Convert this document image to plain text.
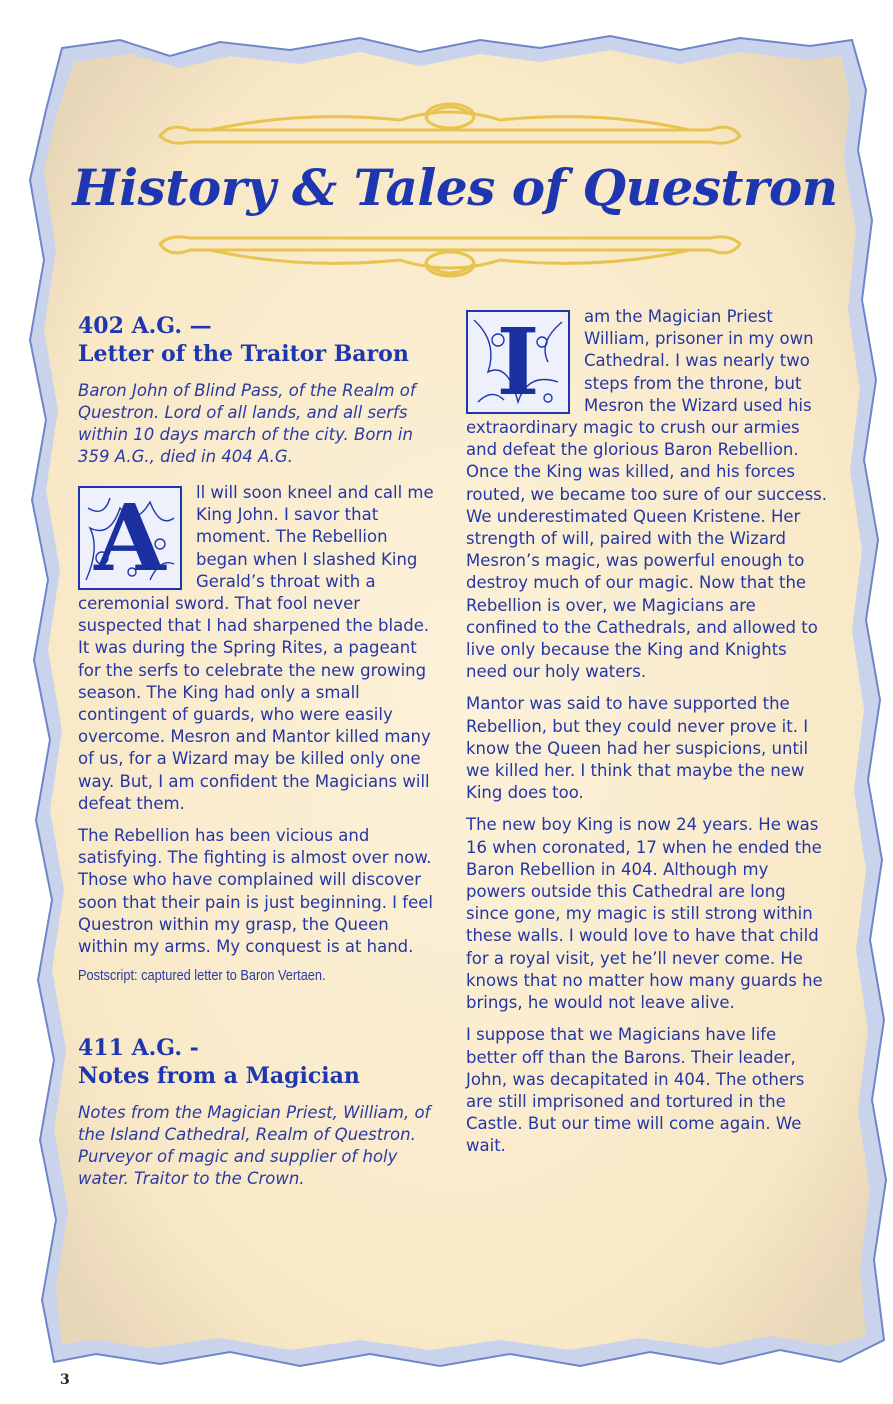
History & Tales of Questron
402 A.G. —
Letter of the Traitor Baron

Baron John of Blind Pass, of the Realm of Questron. Lord of all lands, and all serfs within 10 days march of the city. Born in 359 A.G., died in 404 A.G.

A	ll will soon kneel and call me King John. I savor that moment. The Rebellion began when I slashed King Gerald’s throat with a ceremonial sword. That fool never suspected that I had sharpened the blade. It was during the Spring Rites, a pageant for the serfs to celebrate the new growing season. The King had only a small contingent of guards, who were easily overcome. Mesron and Mantor killed many of us, for a Wizard may be killed only one way. But, I am confident the Magicians will defeat them.

The Rebellion has been vicious and satisfying. The fighting is almost over now. Those who have complained will discover soon that their pain is just beginning. I feel Questron within my grasp, the Queen within my arms. My conquest is at hand.

Postscript: captured letter to Baron Vertaen.

411 A.G. -
Notes from a Magician

Notes from the Magician Priest, William, of the Island Cathedral, Realm of Questron. Purveyor of magic and supplier of holy water. Traitor to the Crown.

I	am the Magician Priest William, prisoner in my own Cathedral. I was nearly two steps from the throne, but Mesron the Wizard used his extraordinary magic to crush our armies and defeat the glorious Baron Rebellion. Once the King was killed, and his forces routed, we became too sure of our success. We underestimated Queen Kristene. Her strength of will, paired with the Wizard Mesron’s magic, was powerful enough to destroy much of our magic. Now that the Rebellion is over, we Magicians are confined to the Cathedrals, and allowed to live only because the King and Knights need our holy waters.

Mantor was said to have supported the Rebellion, but they could never prove it. I know the Queen had her suspicions, until we killed her. I think that maybe the new King does too.

The new boy King is now 24 years. He was 16 when coronated, 17 when he ended the Baron Rebellion in 404. Although my powers outside this Cathedral are long since gone, my magic is still strong within these walls. I would love to have that child for a royal visit, yet he’ll never come. He knows that no matter how many guards he brings, he would not leave alive.

I suppose that we Magicians have life better off than the Barons. Their leader, John, was decapitated in 404. The others are still imprisoned and tortured in the Castle. But our time will come again. We wait.

3
